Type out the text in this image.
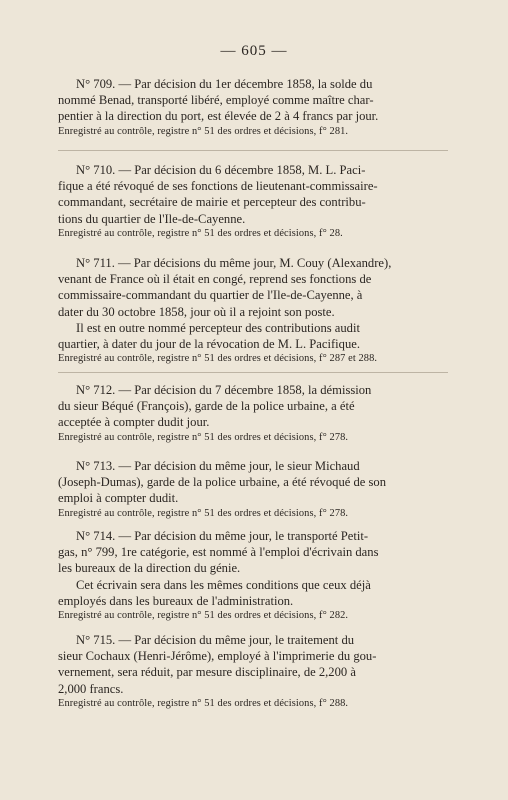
— 605 —
N° 709. — Par décision du 1er décembre 1858, la solde du
nommé Benad, transporté libéré, employé comme maître char-
pentier à la direction du port, est élevée de 2 à 4 francs par jour.

Enregistré au contrôle, registre n° 51 des ordres et décisions, f° 281.

N° 710. — Par décision du 6 décembre 1858, M. L. Paci-
fique a été révoqué de ses fonctions de lieutenant-commissaire-
commandant, secrétaire de mairie et percepteur des contribu-
tions du quartier de l'Ile-de-Cayenne.

Enregistré au contrôle, registre n° 51 des ordres et décisions, f° 28.

N° 711. — Par décisions du même jour, M. Couy (Alexandre),
venant de France où il était en congé, reprend ses fonctions de
commissaire-commandant du quartier de l'Ile-de-Cayenne, à
dater du 30 octobre 1858, jour où il a rejoint son poste.
Il est en outre nommé percepteur des contributions audit
quartier, à dater du jour de la révocation de M. L. Pacifique.

Enregistré au contrôle, registre n° 51 des ordres et décisions, f° 287 et 288.

N° 712. — Par décision du 7 décembre 1858, la démission
du sieur Béqué (François), garde de la police urbaine, a été
acceptée à compter dudit jour.

Enregistré au contrôle, registre n° 51 des ordres et décisions, f° 278.

N° 713. — Par décision du même jour, le sieur Michaud
(Joseph-Dumas), garde de la police urbaine, a été révoqué de son
emploi à compter dudit.

Enregistré au contrôle, registre n° 51 des ordres et décisions, f° 278.

N° 714. — Par décision du même jour, le transporté Petit-
gas, n° 799, 1re catégorie, est nommé à l'emploi d'écrivain dans
les bureaux de la direction du génie.
Cet écrivain sera dans les mêmes conditions que ceux déjà
employés dans les bureaux de l'administration.

Enregistré au contrôle, registre n° 51 des ordres et décisions, f° 282.

N° 715. — Par décision du même jour, le traitement du
sieur Cochaux (Henri-Jérôme), employé à l'imprimerie du gou-
vernement, sera réduit, par mesure disciplinaire, de 2,200 à
2,000 francs.

Enregistré au contrôle, registre n° 51 des ordres et décisions, f° 288.
